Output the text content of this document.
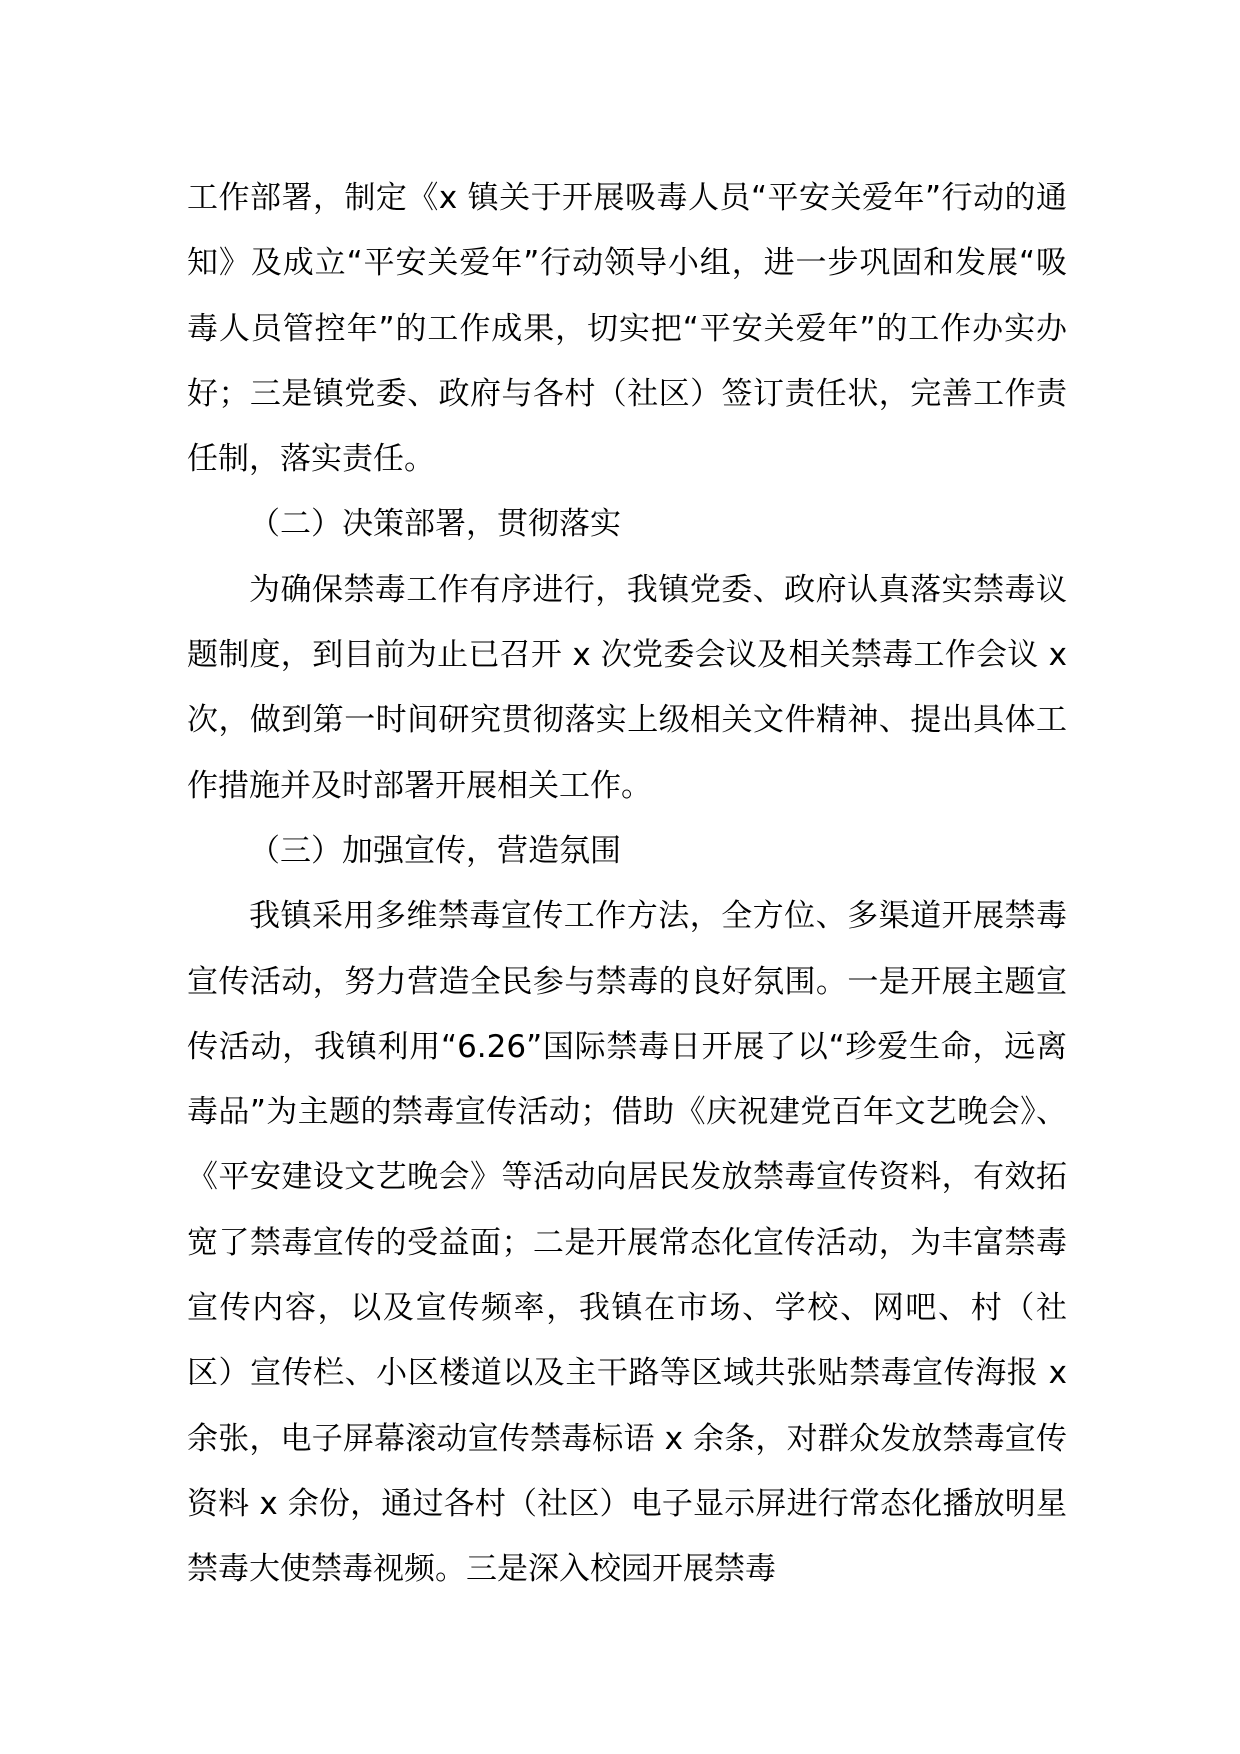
工作部署，制定《x 镇关于开展吸毒人员“平安关爱年”行动的通知》及成立“平安关爱年”行动领导小组，进一步巩固和发展“吸毒人员管控年”的工作成果，切实把“平安关爱年”的工作办实办好；三是镇党委、政府与各村（社区）签订责任状，完善工作责任制，落实责任。

（二）决策部署，贯彻落实

为确保禁毒工作有序进行，我镇党委、政府认真落实禁毒议题制度，到目前为止已召开 x 次党委会议及相关禁毒工作会议 x 次，做到第一时间研究贯彻落实上级相关文件精神、提出具体工作措施并及时部署开展相关工作。

（三）加强宣传，营造氛围

我镇采用多维禁毒宣传工作方法，全方位、多渠道开展禁毒宣传活动，努力营造全民参与禁毒的良好氛围。一是开展主题宣传活动，我镇利用“6.26”国际禁毒日开展了以“珍爱生命，远离毒品”为主题的禁毒宣传活动；借助《庆祝建党百年文艺晚会》、《平安建设文艺晚会》等活动向居民发放禁毒宣传资料，有效拓宽了禁毒宣传的受益面；二是开展常态化宣传活动，为丰富禁毒宣传内容，以及宣传频率，我镇在市场、学校、网吧、村（社区）宣传栏、小区楼道以及主干路等区域共张贴禁毒宣传海报 x 余张，电子屏幕滚动宣传禁毒标语 x 余条，对群众发放禁毒宣传资料 x 余份，通过各村（社区）电子显示屏进行常态化播放明星禁毒大使禁毒视频。三是深入校园开展禁毒
